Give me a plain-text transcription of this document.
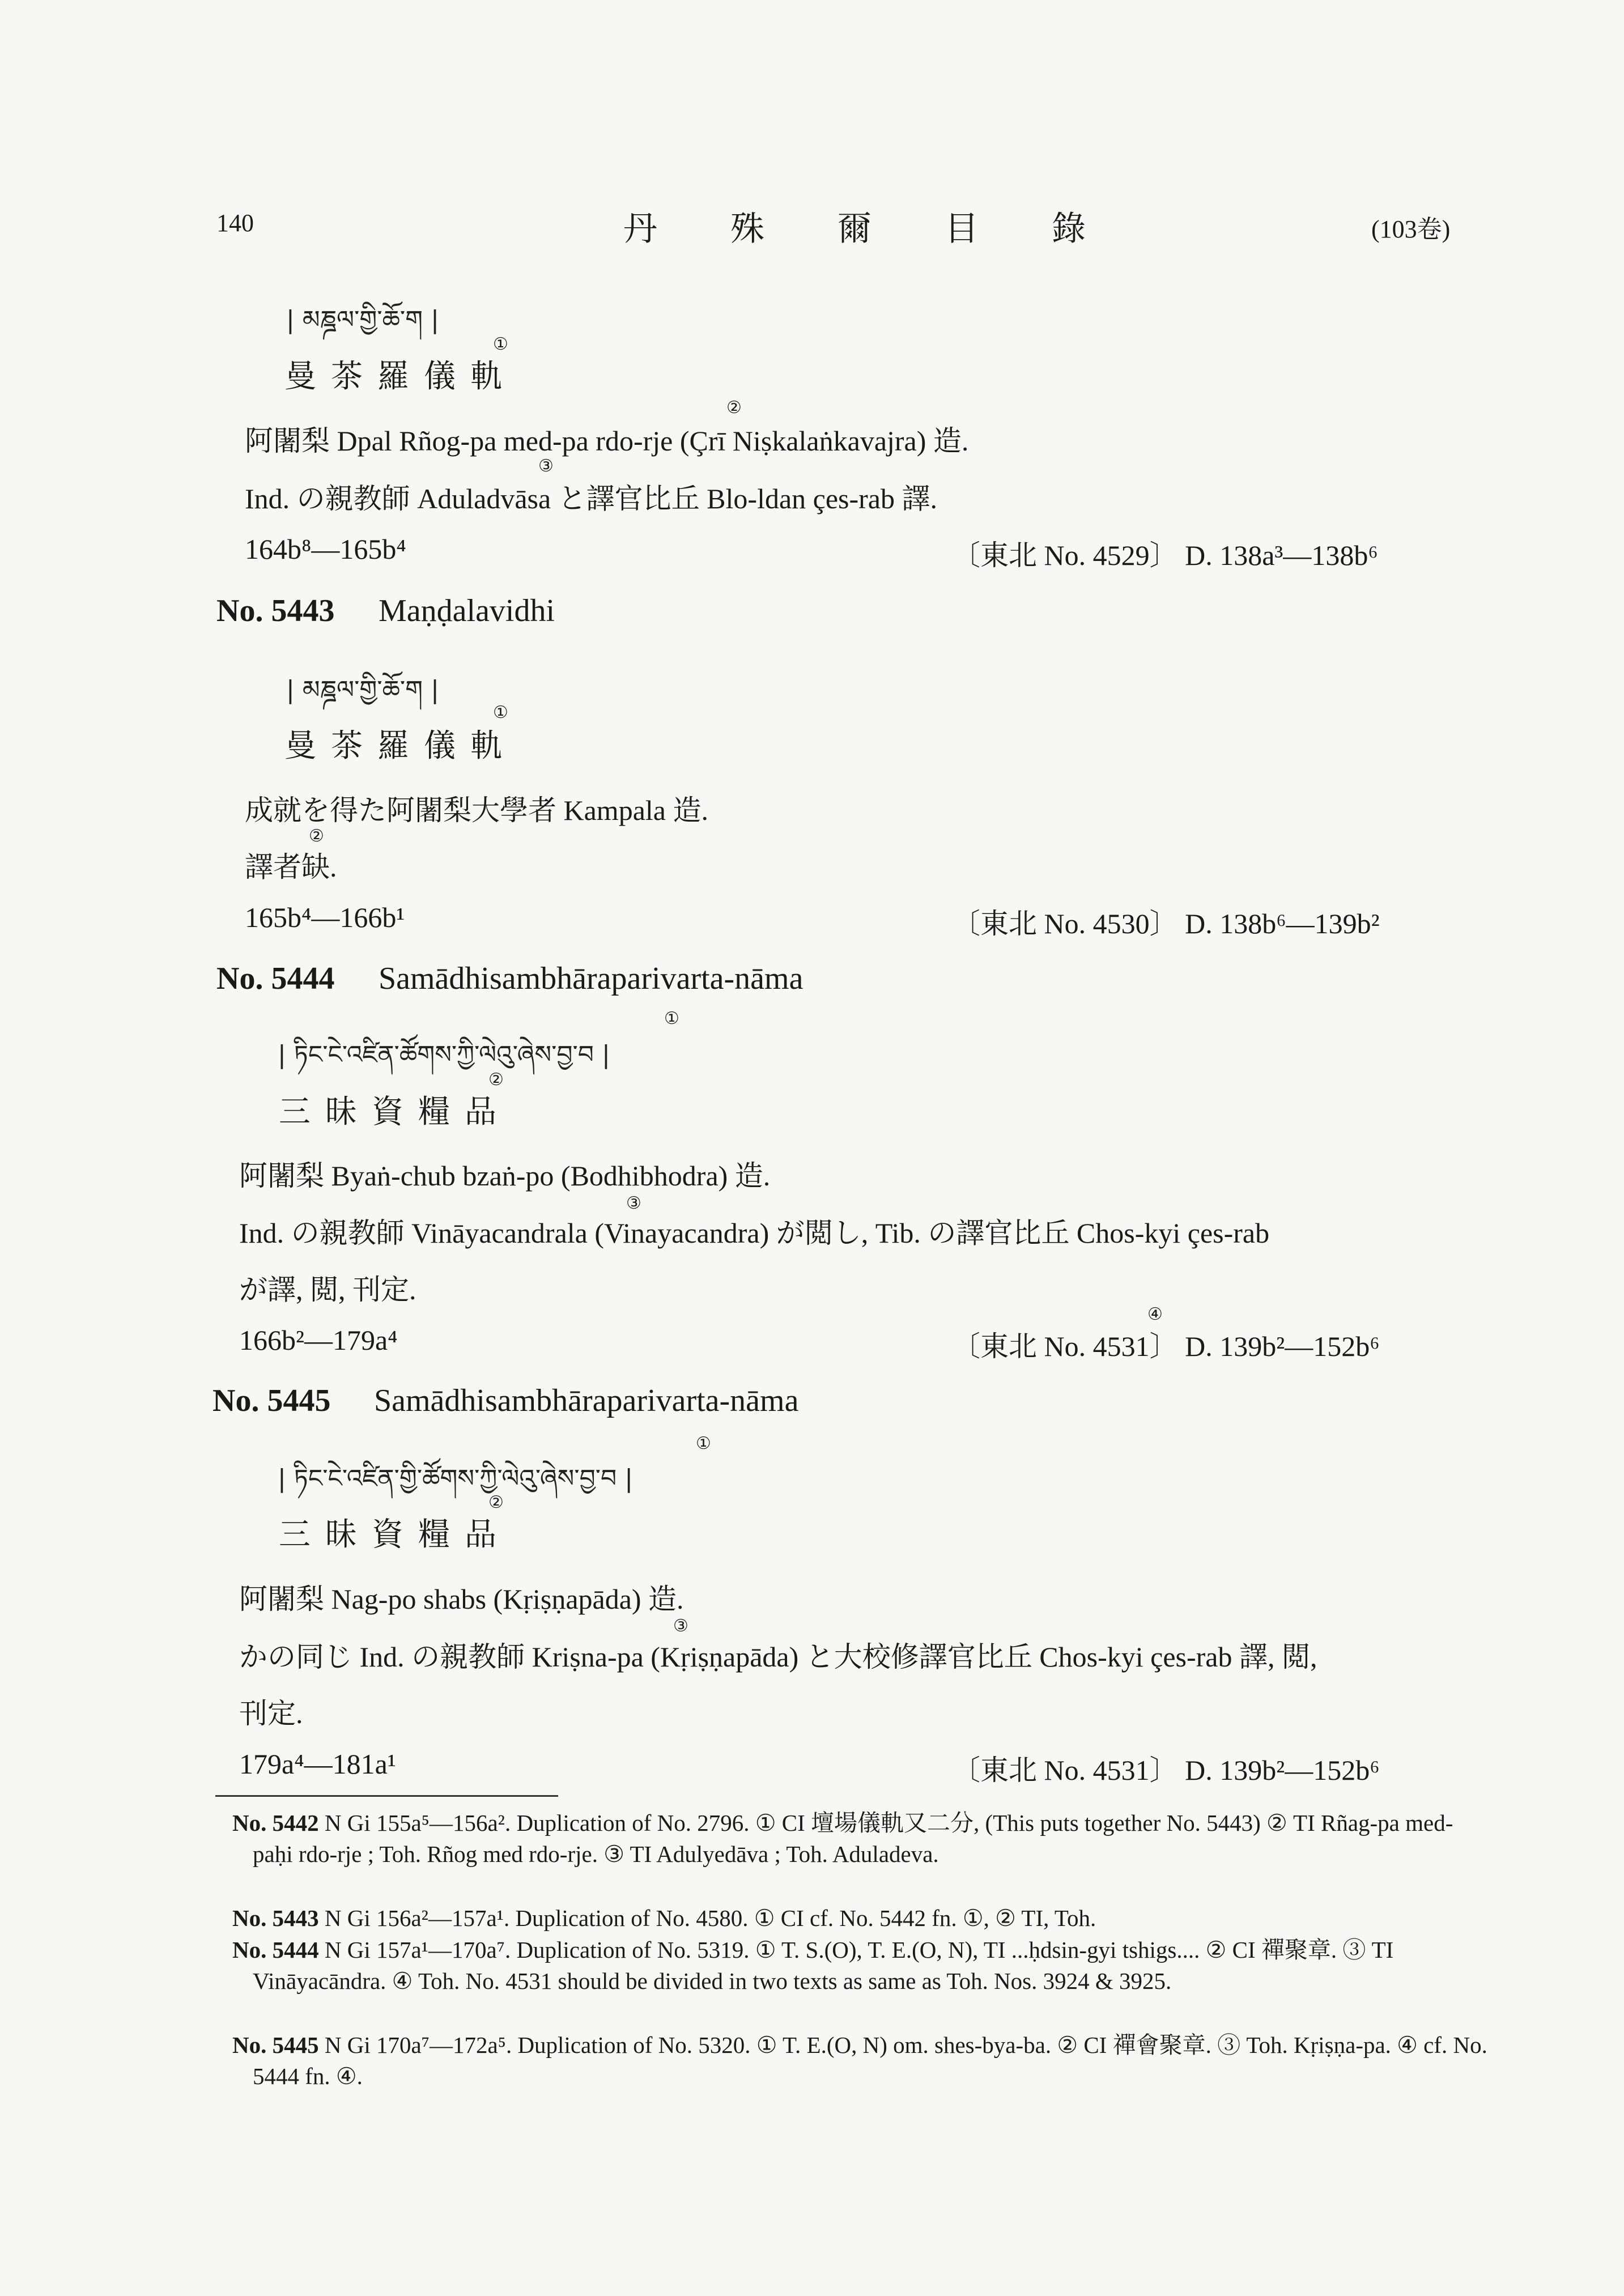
140	丹 殊 爾 目 錄	(103卷)
| མཎྜལ་གྱི་ཆོ་ག |
①
曼茶羅儀軌
②
阿闍梨 Dpal Rñog-pa med-pa rdo-rje (Çrī Niṣkalaṅkavajra) 造.
③
Ind. の親教師 Aduladvāsa と譯官比丘 Blo-ldan çes-rab 譯.
164b⁸—165b⁴	〔東北 No. 4529〕 D. 138a³—138b⁶
No. 5443 Maṇḍalavidhi
| མཎྜལ་གྱི་ཆོ་ག |
①
曼茶羅儀軌
成就を得た阿闍梨大學者 Kampala 造.
②
譯者缺.
165b⁴—166b¹	〔東北 No. 4530〕 D. 138b⁶—139b²
No. 5444 Samādhisambhāraparivarta-nāma
①
| ཏིང་ངེ་འཛིན་ཚོགས་ཀྱི་ལེའུ་ཞེས་བྱ་བ |
②
三昧資糧品
阿闍梨 Byaṅ-chub bzaṅ-po (Bodhibhodra) 造.
③
Ind. の親教師 Vināyacandrala (Vinayacandra) が閲し, Tib. の譯官比丘 Chos-kyi çes-rab
が譯, 閲, 刊定.
④
166b²—179a⁴	〔東北 No. 4531〕 D. 139b²—152b⁶
No. 5445 Samādhisambhāraparivarta-nāma
①
| ཏིང་ངེ་འཛིན་གྱི་ཚོགས་ཀྱི་ལེའུ་ཞེས་བྱ་བ |
②
三昧資糧品
阿闍梨 Nag-po shabs (Kṛiṣṇapāda) 造.
③
かの同じ Ind. の親教師 Kriṣna-pa (Kṛiṣṇapāda) と大校修譯官比丘 Chos-kyi çes-rab 譯, 閲,
刊定.
179a⁴—181a¹	〔東北 No. 4531〕 D. 139b²—152b⁶
No. 5442 N Gi 155a⁵—156a². Duplication of No. 2796. ① CI 壇場儀軌又二分, (This puts together No. 5443) ② TI Rñag-pa med-paḥi rdo-rje ; Toh. Rñog med rdo-rje. ③ TI Adulyedāva ; Toh. Aduladeva.
No. 5443 N Gi 156a²—157a¹. Duplication of No. 4580. ① CI cf. No. 5442 fn. ①, ② TI, Toh.
No. 5444 N Gi 157a¹—170a⁷. Duplication of No. 5319. ① T. S.(O), T. E.(O, N), TI ...ḥdsin-gyi tshigs.... ② CI 禪聚章. ③ TI Vināyacāndra. ④ Toh. No. 4531 should be divided in two texts as same as Toh. Nos. 3924 & 3925.
No. 5445 N Gi 170a⁷—172a⁵. Duplication of No. 5320. ① T. E.(O, N) om. shes-bya-ba. ② CI 禪會聚章. ③ Toh. Kṛiṣṇa-pa. ④ cf. No. 5444 fn. ④.
